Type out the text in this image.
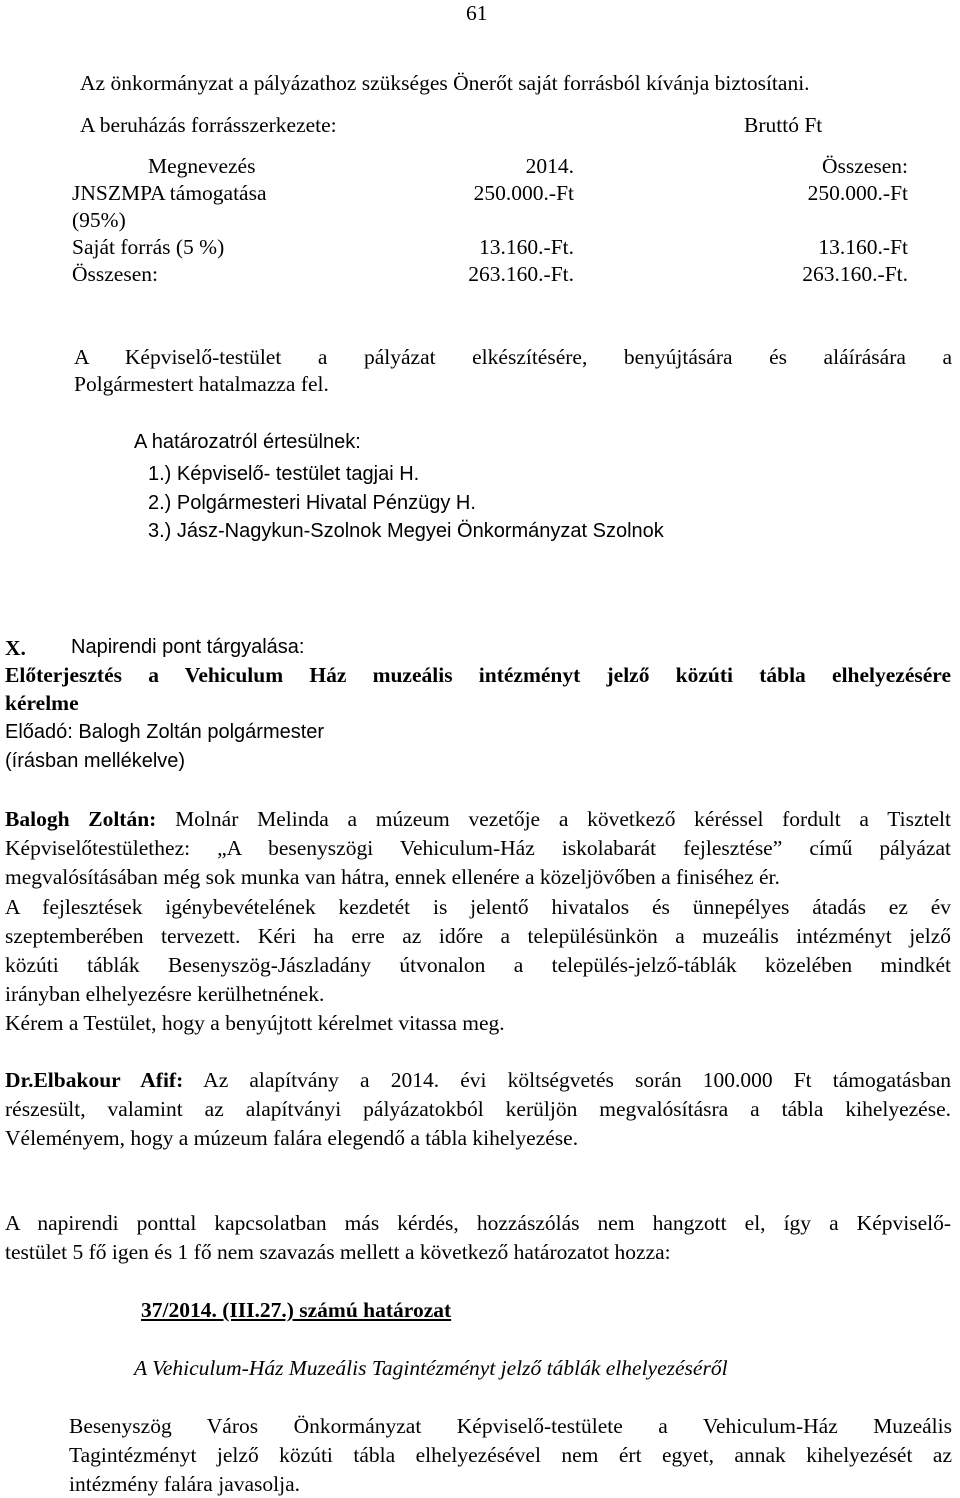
61
Az önkormányzat a pályázathoz szükséges Önerőt saját forrásból kívánja biztosítani.
A beruházás forrásszerkezete:	Bruttó Ft
Megnevezés	2014.	Összesen:
JNSZMPA támogatása
(95%)	250.000.-Ft	250.000.-Ft
Saját forrás (5 %)	13.160.-Ft.	13.160.-Ft
Összesen:	263.160.-Ft.	263.160.-Ft.
A Képviselő-testület a pályázat elkészítésére, benyújtására és aláírására a
Polgármestert hatalmazza fel.
A határozatról értesülnek:
1.) Képviselő- testület tagjai H.
2.) Polgármesteri Hivatal Pénzügy H.
3.) Jász-Nagykun-Szolnok Megyei Önkormányzat Szolnok
X. Napirendi pont tárgyalása:
Előterjesztés a Vehiculum Ház muzeális intézményt jelző közúti tábla elhelyezésére
kérelme
Előadó: Balogh Zoltán polgármester
(írásban mellékelve)
Balogh Zoltán: Molnár Melinda a múzeum vezetője a következő kéréssel fordult a Tisztelt
Képviselőtestülethez: „A besenyszögi Vehiculum-Ház iskolabarát fejlesztése” című pályázat
megvalósításában még sok munka van hátra, ennek ellenére a közeljövőben a finiséhez ér.
A fejlesztések igénybevételének kezdetét is jelentő hivatalos és ünnepélyes átadás ez év
szeptemberében tervezett. Kéri ha erre az időre a településünkön a muzeális intézményt jelző
közúti táblák Besenyszög-Jászladány útvonalon a település-jelző-táblák közelében mindkét
irányban elhelyezésre kerülhetnének.
Kérem a Testület, hogy a benyújtott kérelmet vitassa meg.
Dr.Elbakour Afif: Az alapítvány a 2014. évi költségvetés során 100.000 Ft támogatásban
részesült, valamint az alapítványi pályázatokból kerüljön megvalósításra a tábla kihelyezése.
Véleményem, hogy a múzeum falára elegendő a tábla kihelyezése.
A napirendi ponttal kapcsolatban más kérdés, hozzászólás nem hangzott el, így a Képviselő-
testület 5 fő igen és 1 fő nem szavazás mellett a következő határozatot hozza:
37/2014. (III.27.) számú határozat
A Vehiculum-Ház Muzeális Tagintézményt jelző táblák elhelyezéséről
Besenyszög Város Önkormányzat Képviselő-testülete a Vehiculum-Ház Muzeális
Tagintézményt jelző közúti tábla elhelyezésével nem ért egyet, annak kihelyezését az
intézmény falára javasolja.
